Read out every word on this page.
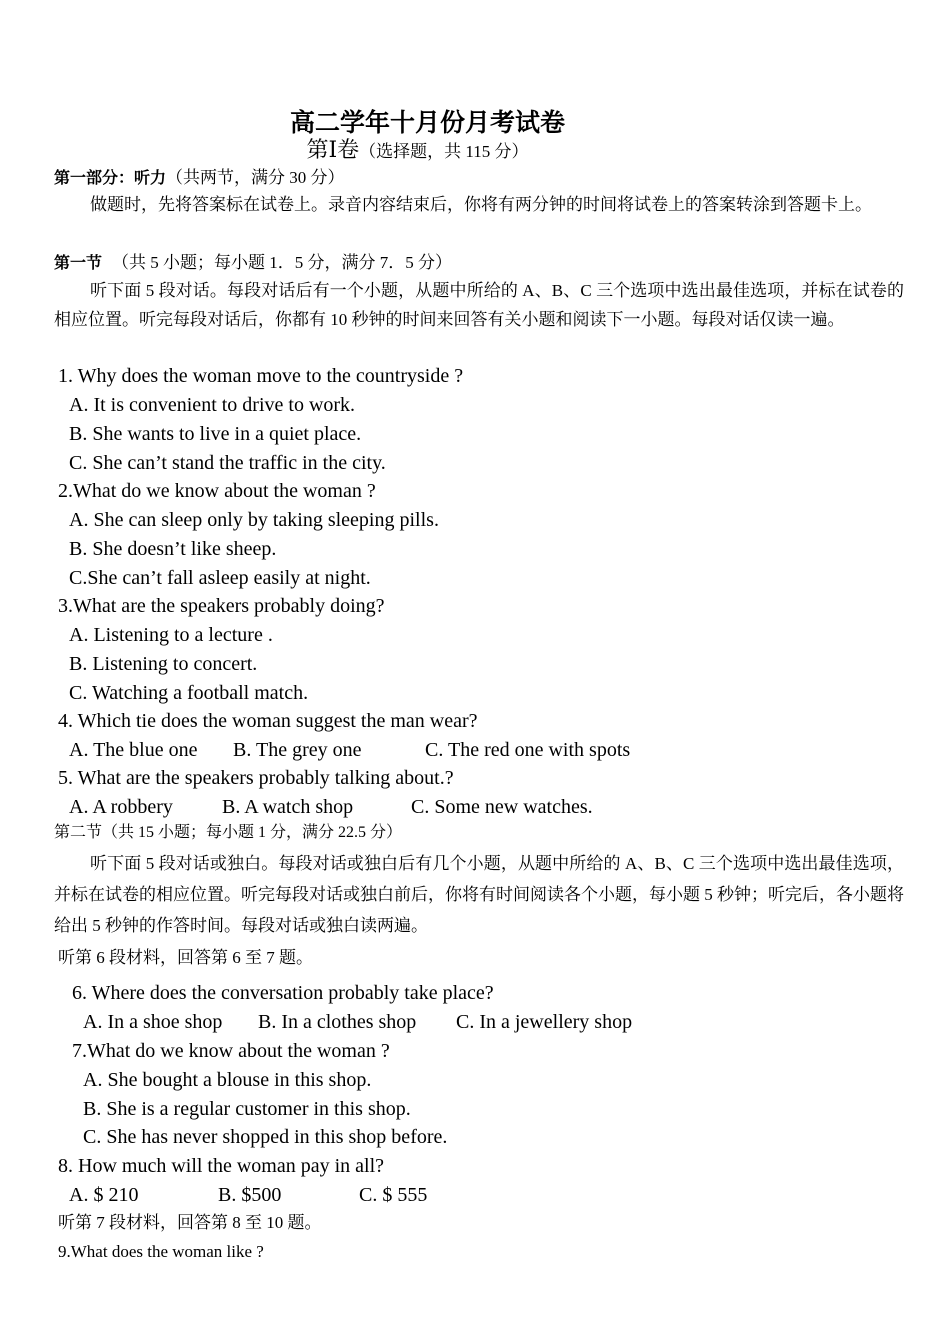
高二学年十月份月考试卷
第Ⅰ卷（选择题，共 115 分）
第一部分：听力（共两节，满分 30 分）
做题时，先将答案标在试卷上。录音内容结束后，你将有两分钟的时间将试卷上的答案转涂到答题卡上。
第一节 （共 5 小题；每小题 1．5 分，满分 7．5 分）
听下面 5 段对话。每段对话后有一个小题，从题中所给的 A、B、C 三个选项中选出最佳选项，并标在试卷的相应位置。听完每段对话后，你都有 10 秒钟的时间来回答有关小题和阅读下一小题。每段对话仅读一遍。
1. Why does the woman move to the countryside ?
A. It is convenient to drive to work.
B. She wants to live in a quiet place.
C. She can’t stand the traffic in the city.
2.What do we know about the woman ?
A. She can sleep only by taking sleeping pills.
B. She doesn’t like sheep.
C.She can’t fall asleep easily at night.
3.What are the speakers probably doing?
A. Listening to a lecture .
B. Listening to concert.
C. Watching a football match.
4. Which tie does the woman suggest the man wear?
A. The blue one B. The grey one	C. The red one with spots
5. What are the speakers probably talking about.?
A. A robbery B. A watch shop	C. Some new watches.
第二节（共 15 小题；每小题 1 分，满分 22.5 分）
听下面 5 段对话或独白。每段对话或独白后有几个小题，从题中所给的 A、B、C 三个选项中选出最佳选项，并标在试卷的相应位置。听完每段对话或独白前后，你将有时间阅读各个小题，每小题 5 秒钟；听完后，各小题将给出 5 秒钟的作答时间。每段对话或独白读两遍。
听第 6 段材料，回答第 6 至 7 题。
6. Where does the conversation probably take place?
A. In a shoe shop B. In a clothes shop C. In a jewellery shop
7.What do we know about the woman ?
A. She bought a blouse in this shop.
B. She is a regular customer in this shop.
C. She has never shopped in this shop before.
8. How much will the woman pay in all?
A. $ 210	B. $500	C. $ 555
听第 7 段材料，回答第 8 至 10 题。
9.What does the woman like ?
